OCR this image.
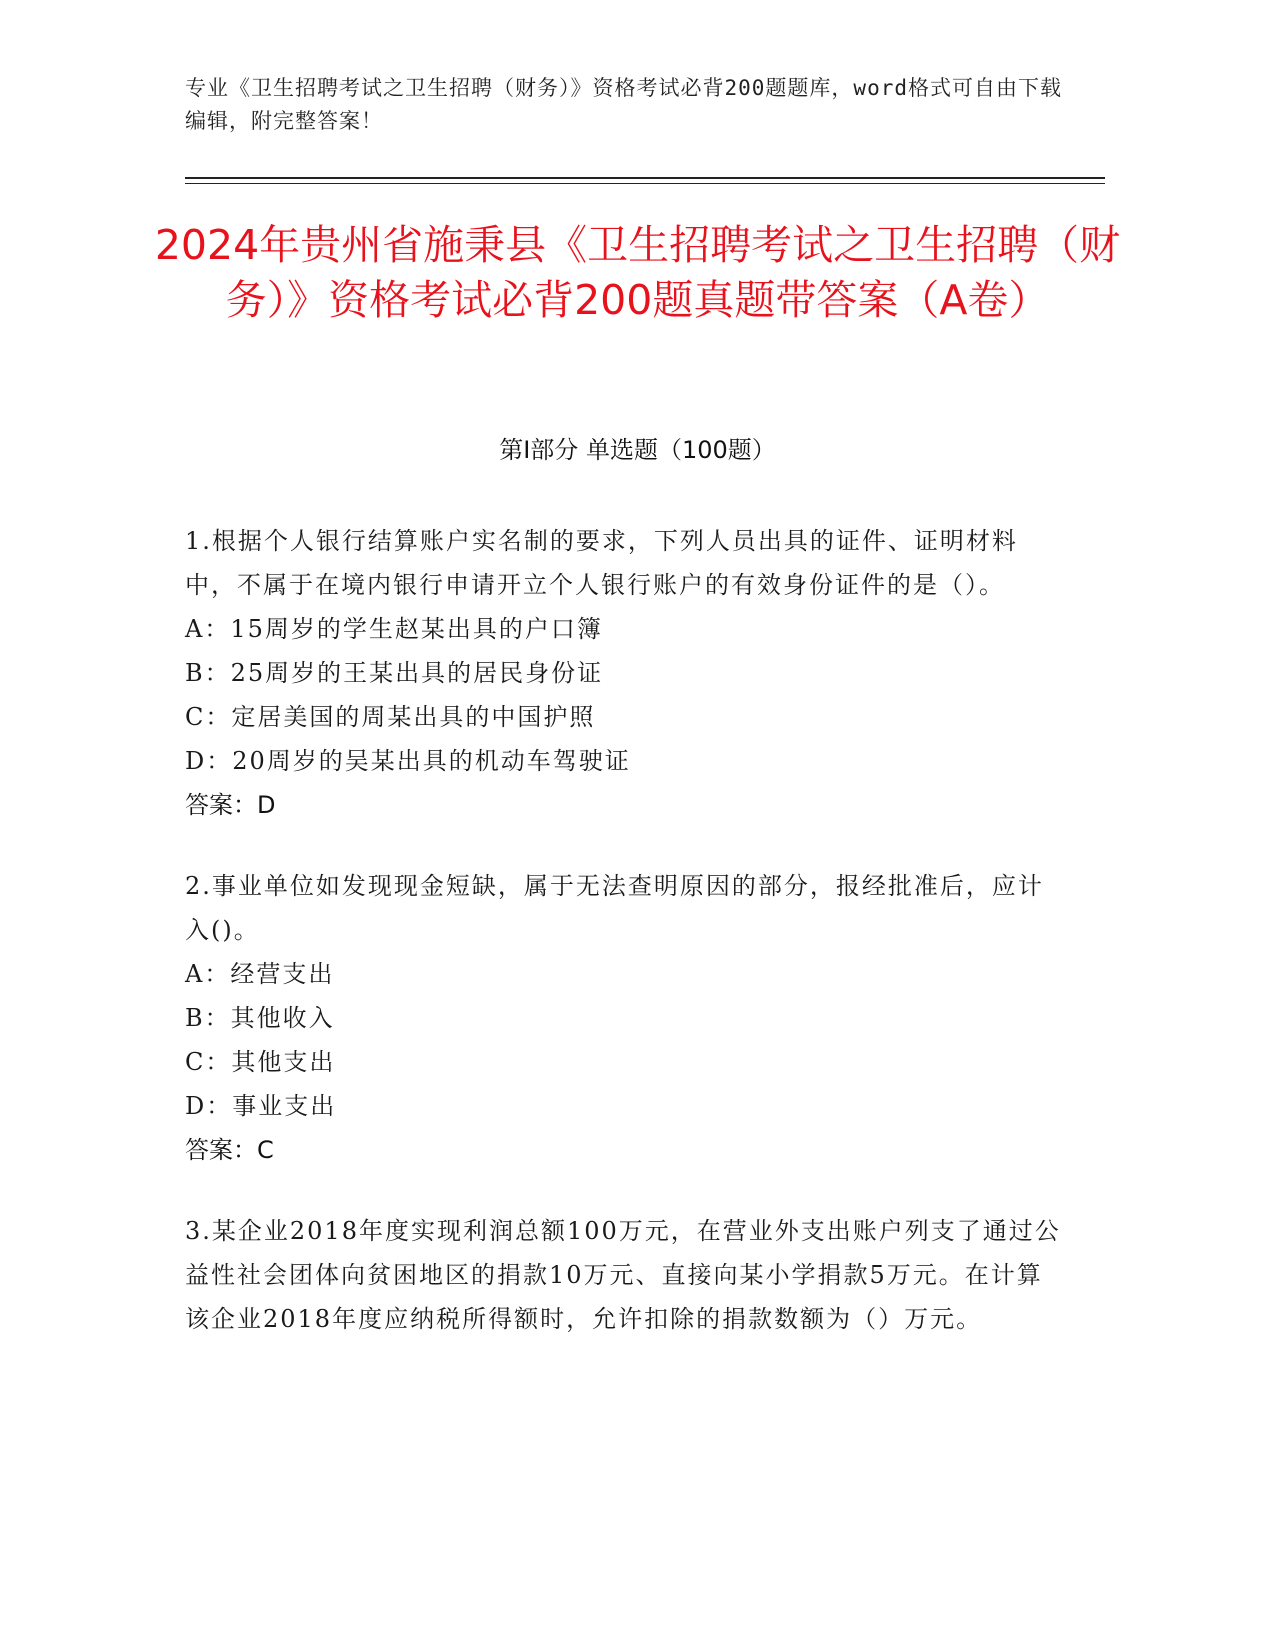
专业《卫生招聘考试之卫生招聘（财务）》资格考试必背200题题库，word格式可自由下载编辑，附完整答案！
2024年贵州省施秉县《卫生招聘考试之卫生招聘（财务）》资格考试必背200题真题带答案（A卷）
第Ⅰ部分 单选题（100题）
1.根据个人银行结算账户实名制的要求，下列人员出具的证件、证明材料中，不属于在境内银行申请开立个人银行账户的有效身份证件的是（）。
A：15周岁的学生赵某出具的户口簿
B：25周岁的王某出具的居民身份证
C：定居美国的周某出具的中国护照
D：20周岁的吴某出具的机动车驾驶证
答案：D
2.事业单位如发现现金短缺，属于无法查明原因的部分，报经批准后，应计入()。
A：经营支出
B：其他收入
C：其他支出
D：事业支出
答案：C
3.某企业2018年度实现利润总额100万元，在营业外支出账户列支了通过公益性社会团体向贫困地区的捐款10万元、直接向某小学捐款5万元。在计算该企业2018年度应纳税所得额时，允许扣除的捐款数额为（）万元。
